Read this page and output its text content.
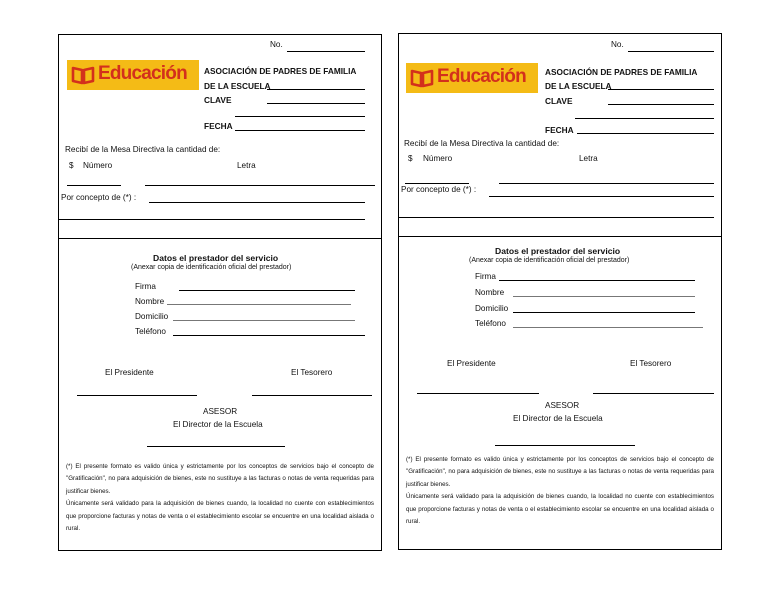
No.
Educación ASOCIACIÓN DE PADRES DE FAMILIA
DE LA ESCUELA
CLAVE
FECHA
Recibí de la Mesa Directiva la cantidad de:
$ Número	Letra
Por concepto de (*) :
Datos el prestador del servicio
(Anexar copia de identificación oficial del prestador)
Firma
Nombre
Domicilio
Teléfono
El Presidente	El Tesorero
ASESOR
El Director de la Escuela

(*) El presente formato es valido única y estrictamente por los conceptos de servicios bajo el concepto de "Gratificación", no para adquisición de bienes, este no sustituye a las facturas o notas de venta requeridas para justificar bienes.

Únicamente será validado para la adquisición de bienes cuando, la localidad no cuente con establecimientos que proporcione facturas y notas de venta o el establecimiento escolar se encuentre en una localidad aislada o rural.

No.
Educación ASOCIACIÓN DE PADRES DE FAMILIA
DE LA ESCUELA
CLAVE
FECHA
Recibí de la Mesa Directiva la cantidad de:
$ Número	Letra
Por concepto de (*) :
Datos el prestador del servicio
(Anexar copia de identificación oficial del prestador)
Firma
Nombre
Domicilio
Teléfono
El Presidente	El Tesorero
ASESOR
El Director de la Escuela

(*) El presente formato es valido única y estrictamente por los conceptos de servicios bajo el concepto de "Gratificación", no para adquisición de bienes, este no sustituye a las facturas o notas de venta requeridas para justificar bienes.

Únicamente será validado para la adquisición de bienes cuando, la localidad no cuente con establecimientos que proporcione facturas y notas de venta o el establecimiento escolar se encuentre en una localidad aislada o rural.
